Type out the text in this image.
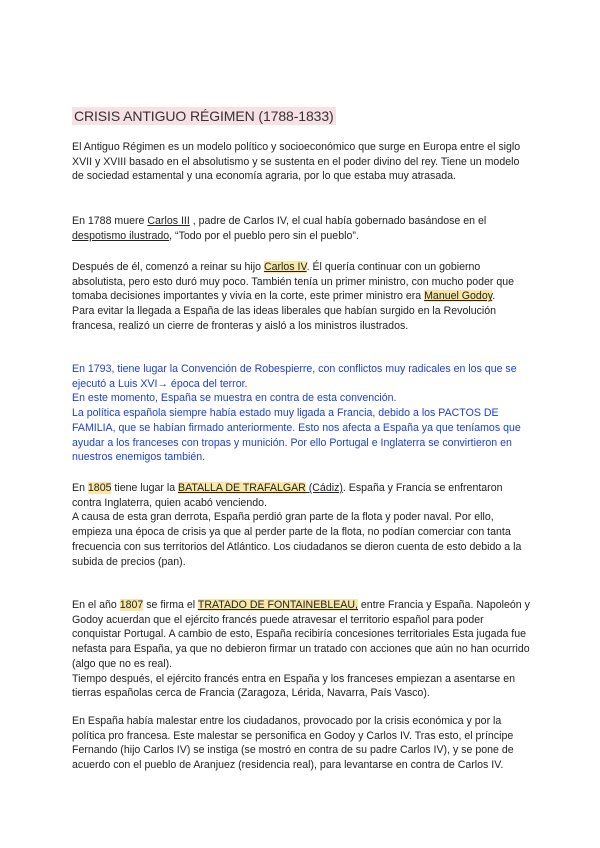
CRISIS ANTIGUO RÉGIMEN (1788-1833)
El Antiguo Régimen es un modelo político y socioeconómico que surge en Europa entre el siglo XVII y XVIII basado en el absolutismo y se sustenta en el poder divino del rey. Tiene un modelo de sociedad estamental y una economía agraria, por lo que estaba muy atrasada.
En 1788 muere Carlos III , padre de Carlos IV, el cual había gobernado basándose en el despotismo ilustrado, “Todo por el pueblo pero sin el pueblo”.
Después de él, comenzó a reinar su hijo Carlos IV. Él quería continuar con un gobierno absolutista, pero esto duró muy poco. También tenía un primer ministro, con mucho poder que tomaba decisiones importantes y vivía en la corte, este primer ministro era Manuel Godoy.
Para evitar la llegada a España de las ideas liberales que habían surgido en la Revolución francesa, realizó un cierre de fronteras y aisló a los ministros ilustrados.
En 1793, tiene lugar la Convención de Robespierre, con conflictos muy radicales en los que se ejecutó a Luis XVI→ época del terror.
En este momento, España se muestra en contra de esta convención.
La política española siempre había estado muy ligada a Francia, debido a los PACTOS DE FAMILIA, que se habían firmado anteriormente. Esto nos afecta a España ya que teníamos que ayudar a los franceses con tropas y munición. Por ello Portugal e Inglaterra se convirtieron en nuestros enemigos también.
En 1805 tiene lugar la BATALLA DE TRAFALGAR (Cádiz). España y Francia se enfrentaron contra Inglaterra, quien acabó venciendo.
A causa de esta gran derrota, España perdió gran parte de la flota y poder naval. Por ello, empieza una época de crisis ya que al perder parte de la flota, no podían comerciar con tanta frecuencia con sus territorios del Atlántico. Los ciudadanos se dieron cuenta de esto debido a la subida de precios (pan).
En el año 1807 se firma el TRATADO DE FONTAINEBLEAU, entre Francia y España. Napoleón y Godoy acuerdan que el ejército francés puede atravesar el territorio español para poder conquistar Portugal. A cambio de esto, España recibiría concesiones territoriales Esta jugada fue nefasta para España, ya que no debieron firmar un tratado con acciones que aún no han ocurrido (algo que no es real).
Tiempo después, el ejército francés entra en España y los franceses empiezan a asentarse en tierras españolas cerca de Francia (Zaragoza, Lérida, Navarra, País Vasco).
En España había malestar entre los ciudadanos, provocado por la crisis económica y por la política pro francesa. Este malestar se personifica en Godoy y Carlos IV. Tras esto, el príncipe Fernando (hijo Carlos IV) se instiga (se mostró en contra de su padre Carlos IV), y se pone de acuerdo con el pueblo de Aranjuez (residencia real), para levantarse en contra de Carlos IV.
